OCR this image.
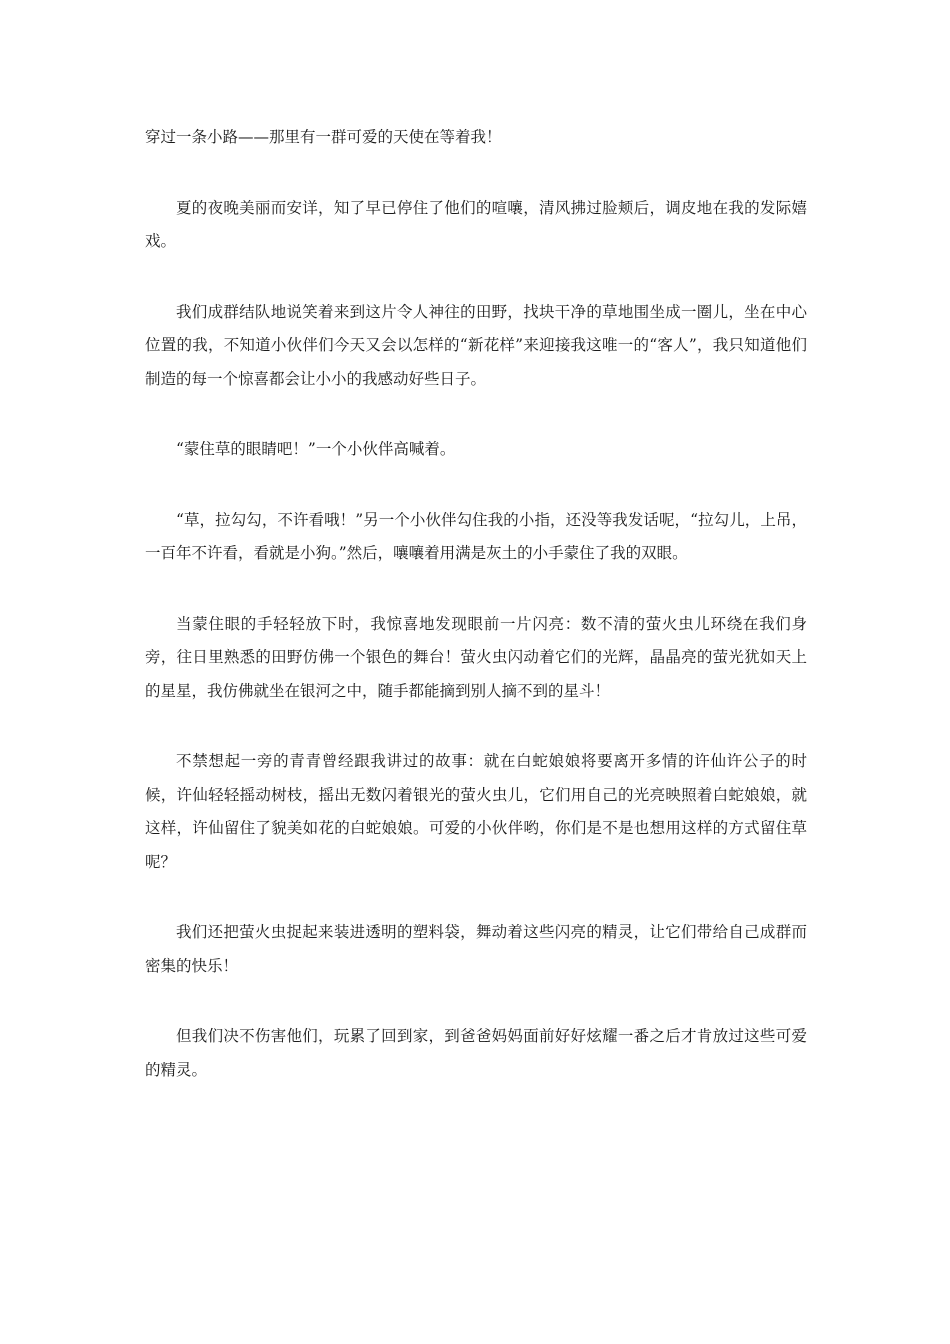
穿过一条小路——那里有一群可爱的天使在等着我！

夏的夜晚美丽而安详，知了早已停住了他们的喧嚷，清风拂过脸颊后，调皮地在我的发际嬉戏。

我们成群结队地说笑着来到这片令人神往的田野，找块干净的草地围坐成一圈儿，坐在中心位置的我，不知道小伙伴们今天又会以怎样的“新花样”来迎接我这唯一的“客人”，我只知道他们制造的每一个惊喜都会让小小的我感动好些日子。

“蒙住草的眼睛吧！”一个小伙伴高喊着。

“草，拉勾勾，不许看哦！”另一个小伙伴勾住我的小指，还没等我发话呢，“拉勾儿，上吊，一百年不许看，看就是小狗。”然后，嚷嚷着用满是灰土的小手蒙住了我的双眼。

当蒙住眼的手轻轻放下时，我惊喜地发现眼前一片闪亮：数不清的萤火虫儿环绕在我们身旁，往日里熟悉的田野仿佛一个银色的舞台！萤火虫闪动着它们的光辉，晶晶亮的萤光犹如天上的星星，我仿佛就坐在银河之中，随手都能摘到别人摘不到的星斗！

不禁想起一旁的青青曾经跟我讲过的故事：就在白蛇娘娘将要离开多情的许仙许公子的时候，许仙轻轻摇动树枝，摇出无数闪着银光的萤火虫儿，它们用自己的光亮映照着白蛇娘娘，就这样，许仙留住了貌美如花的白蛇娘娘。可爱的小伙伴哟，你们是不是也想用这样的方式留住草呢？

我们还把萤火虫捉起来装进透明的塑料袋，舞动着这些闪亮的精灵，让它们带给自己成群而密集的快乐！

但我们决不伤害他们，玩累了回到家，到爸爸妈妈面前好好炫耀一番之后才肯放过这些可爱的精灵。
